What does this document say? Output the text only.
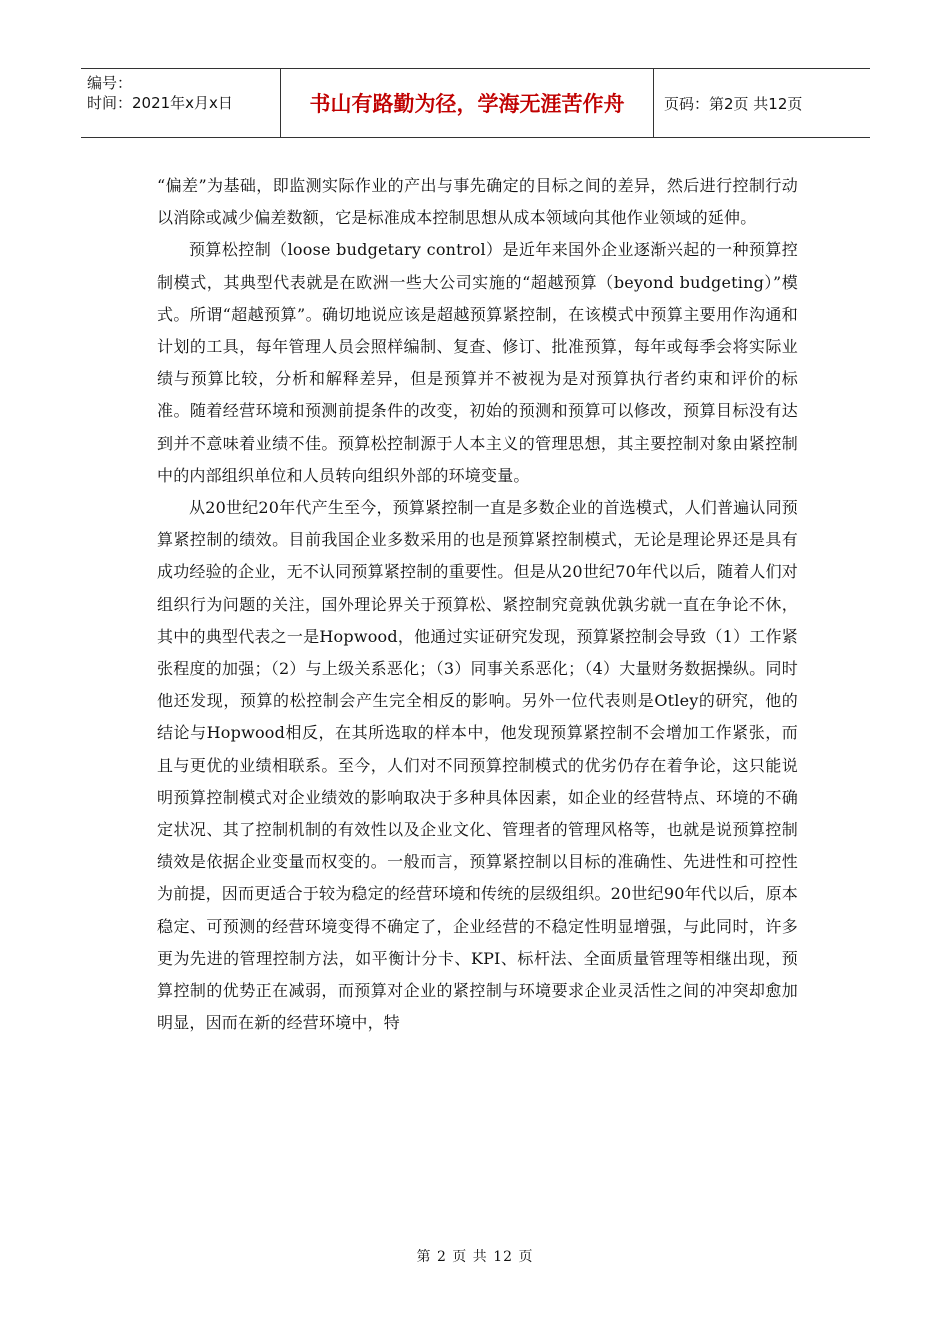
编号：
时间：2021年x月x日	书山有路勤为径，学海无涯苦作舟	页码：第2页 共12页

“偏差”为基础，即监测实际作业的产出与事先确定的目标之间的差异，然后进行控制行动以消除或减少偏差数额，它是标准成本控制思想从成本领域向其他作业领域的延伸。

预算松控制（loose budgetary control）是近年来国外企业逐渐兴起的一种预算控制模式，其典型代表就是在欧洲一些大公司实施的“超越预算（beyond budgeting）”模式。所谓“超越预算”。确切地说应该是超越预算紧控制，在该模式中预算主要用作沟通和计划的工具，每年管理人员会照样编制、复查、修订、批准预算，每年或每季会将实际业绩与预算比较，分析和解释差异，但是预算并不被视为是对预算执行者约束和评价的标准。随着经营环境和预测前提条件的改变，初始的预测和预算可以修改，预算目标没有达到并不意味着业绩不佳。预算松控制源于人本主义的管理思想，其主要控制对象由紧控制中的内部组织单位和人员转向组织外部的环境变量。

从20世纪20年代产生至今，预算紧控制一直是多数企业的首选模式，人们普遍认同预算紧控制的绩效。目前我国企业多数采用的也是预算紧控制模式，无论是理论界还是具有成功经验的企业，无不认同预算紧控制的重要性。但是从20世纪70年代以后，随着人们对组织行为问题的关注，国外理论界关于预算松、紧控制究竟孰优孰劣就一直在争论不休，其中的典型代表之一是Hopwood，他通过实证研究发现，预算紧控制会导致（1）工作紧张程度的加强；（2）与上级关系恶化；（3）同事关系恶化；（4）大量财务数据操纵。同时他还发现，预算的松控制会产生完全相反的影响。另外一位代表则是Otley的研究，他的结论与Hopwood相反，在其所选取的样本中，他发现预算紧控制不会增加工作紧张，而且与更优的业绩相联系。至今，人们对不同预算控制模式的优劣仍存在着争论，这只能说明预算控制模式对企业绩效的影响取决于多种具体因素，如企业的经营特点、环境的不确定状况、其了控制机制的有效性以及企业文化、管理者的管理风格等，也就是说预算控制绩效是依据企业变量而权变的。一般而言，预算紧控制以目标的准确性、先进性和可控性为前提，因而更适合于较为稳定的经营环境和传统的层级组织。20世纪90年代以后，原本稳定、可预测的经营环境变得不确定了，企业经营的不稳定性明显增强，与此同时，许多更为先进的管理控制方法，如平衡计分卡、KPI、标杆法、全面质量管理等相继出现，预算控制的优势正在减弱，而预算对企业的紧控制与环境要求企业灵活性之间的冲突却愈加明显，因而在新的经营环境中，特

第 2 页 共 12 页
